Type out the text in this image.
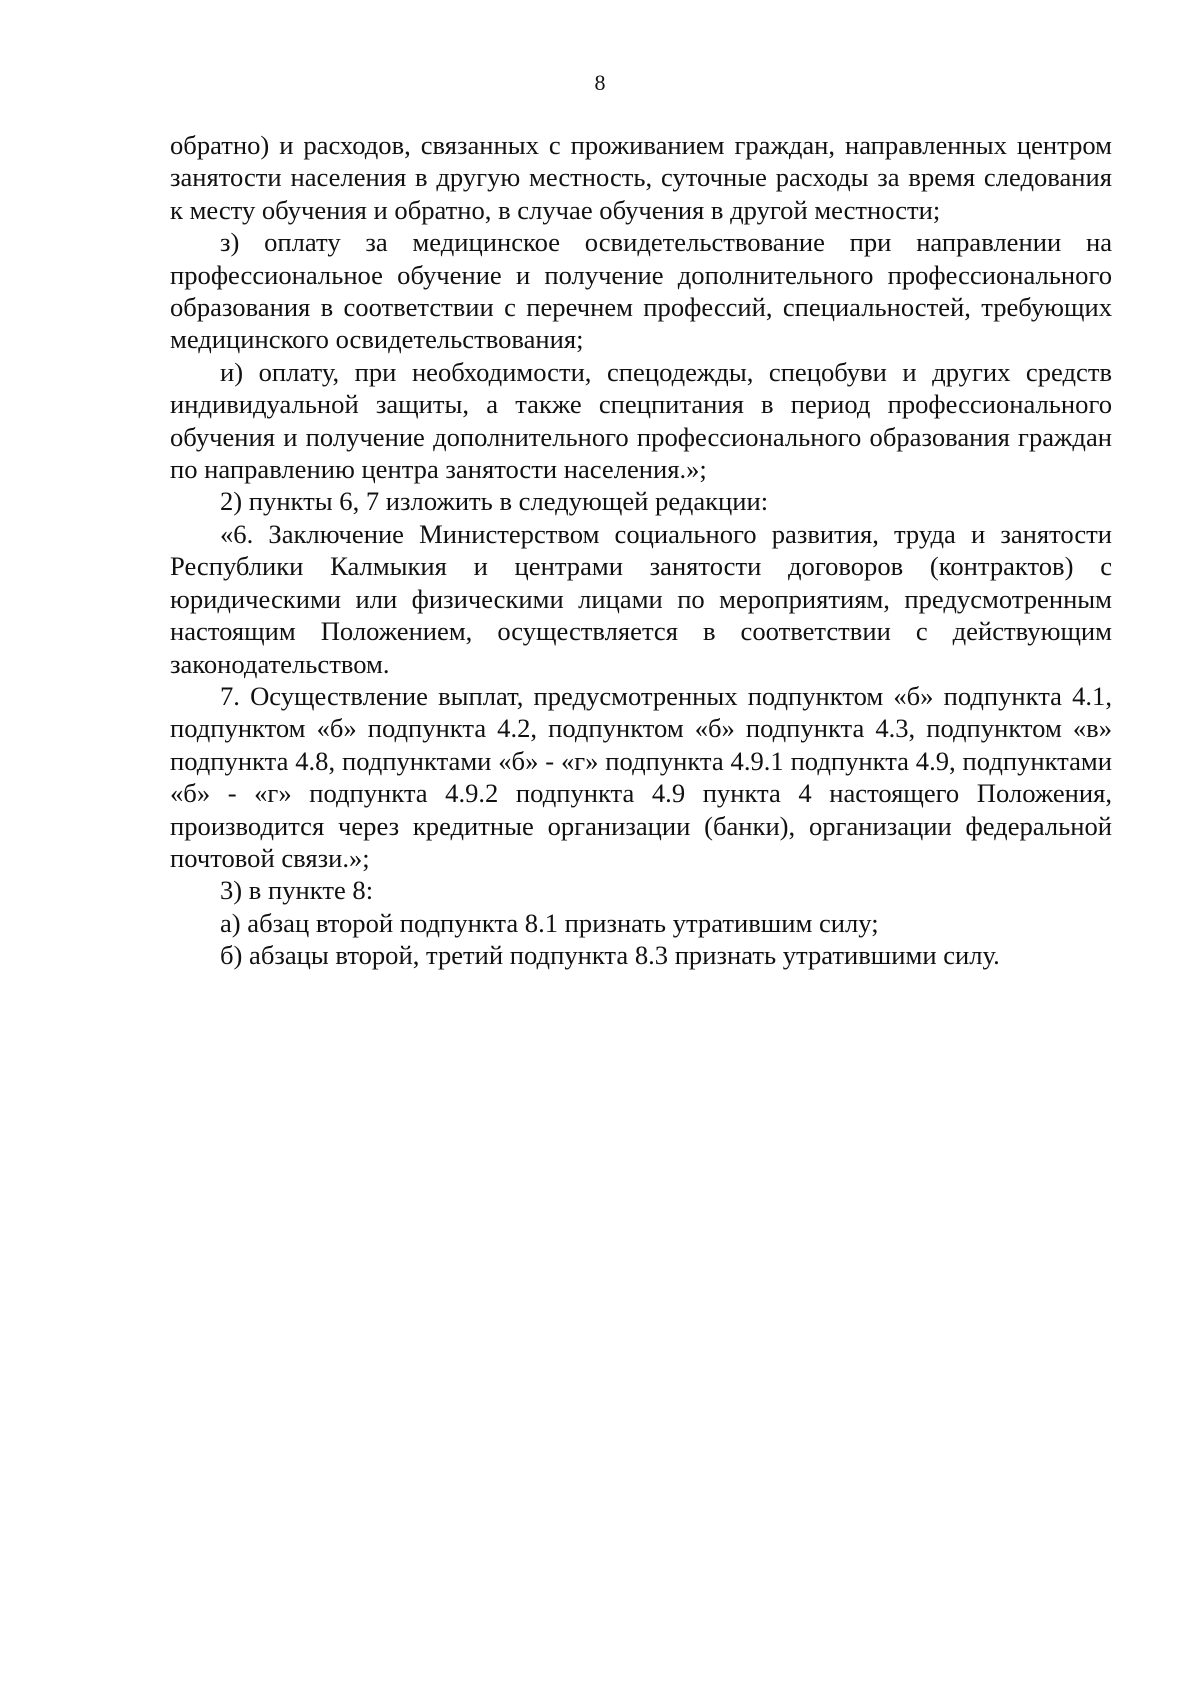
8

обратно) и расходов, связанных с проживанием граждан, направленных центром занятости населения в другую местность, суточные расходы за время следования к месту обучения и обратно, в случае обучения в другой местности;

з) оплату за медицинское освидетельствование при направлении на профессиональное обучение и получение дополнительного профессионального образования в соответствии с перечнем профессий, специальностей, требующих медицинского освидетельствования;

и) оплату, при необходимости, спецодежды, спецобуви и других средств индивидуальной защиты, а также спецпитания в период профессионального обучения и получение дополнительного профессионального образования граждан по направлению центра занятости населения.»;

2) пункты 6, 7 изложить в следующей редакции:

«6. Заключение Министерством социального развития, труда и занятости Республики Калмыкия и центрами занятости договоров (контрактов) с юридическими или физическими лицами по мероприятиям, предусмотренным настоящим Положением, осуществляется в соответствии с действующим законодательством.

7. Осуществление выплат, предусмотренных подпунктом «б» подпункта 4.1, подпунктом «б» подпункта 4.2, подпунктом «б» подпункта 4.3, подпунктом «в» подпункта 4.8, подпунктами «б» - «г» подпункта 4.9.1 подпункта 4.9, подпунктами «б» - «г» подпункта 4.9.2 подпункта 4.9 пункта 4 настоящего Положения, производится через кредитные организации (банки), организации федеральной почтовой связи.»;

3) в пункте 8:

а) абзац второй подпункта 8.1 признать утратившим силу;

б) абзацы второй, третий подпункта 8.3 признать утратившими силу.
